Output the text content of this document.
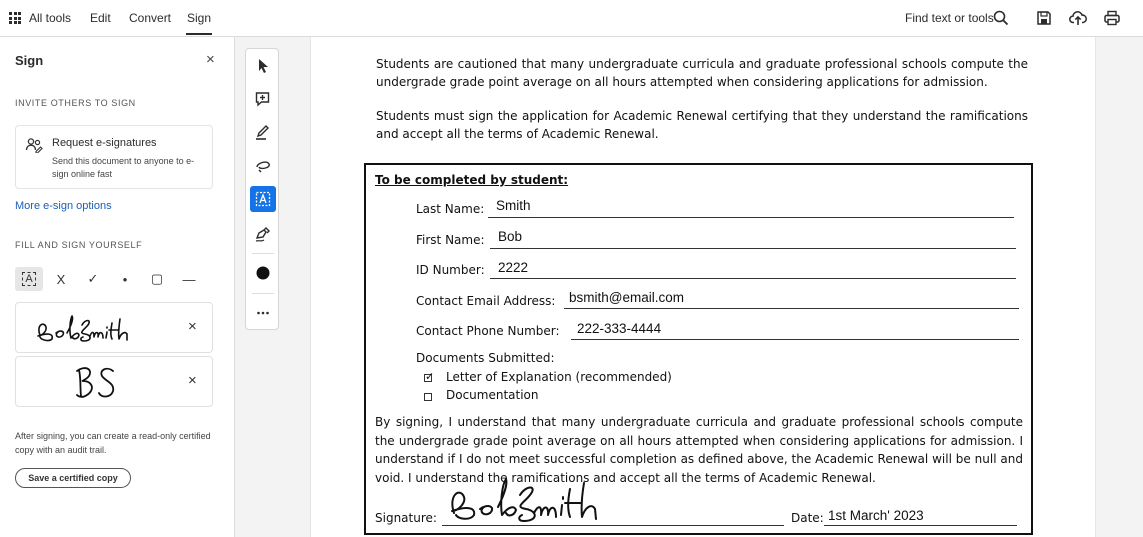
All tools Edit Convert Sign	Find text or tools
Sign	×
INVITE OTHERS TO SIGN
Request e-signatures
Send this document to anyone to e-sign online fast
More e-sign options
FILL AND SIGN YOURSELF
A	X	✓	•	▢ —
×
×
After signing, you can create a read-only certified copy with an audit trail.
Save a certified copy
Students are cautioned that many undergraduate curricula and graduate professional schools compute the undergrade grade point average on all hours attempted when considering applications for admission.
Students must sign the application for Academic Renewal certifying that they understand the ramifications and accept all the terms of Academic Renewal.
To be completed by student:
Last Name: Smith
First Name: Bob
ID Number: 2222
Contact Email Address: bsmith@email.com
Contact Phone Number: 222-333-4444
Documents Submitted:
✓ Letter of Explanation (recommended)
Documentation
By signing, I understand that many undergraduate curricula and graduate professional schools compute the undergrade grade point average on all hours attempted when considering applications for admission. I understand if I do not meet successful completion as defined above, the Academic Renewal will be null and void. I understand the ramifications and accept all the terms of Academic Renewal.
Signature:	Date: 1st March' 2023
